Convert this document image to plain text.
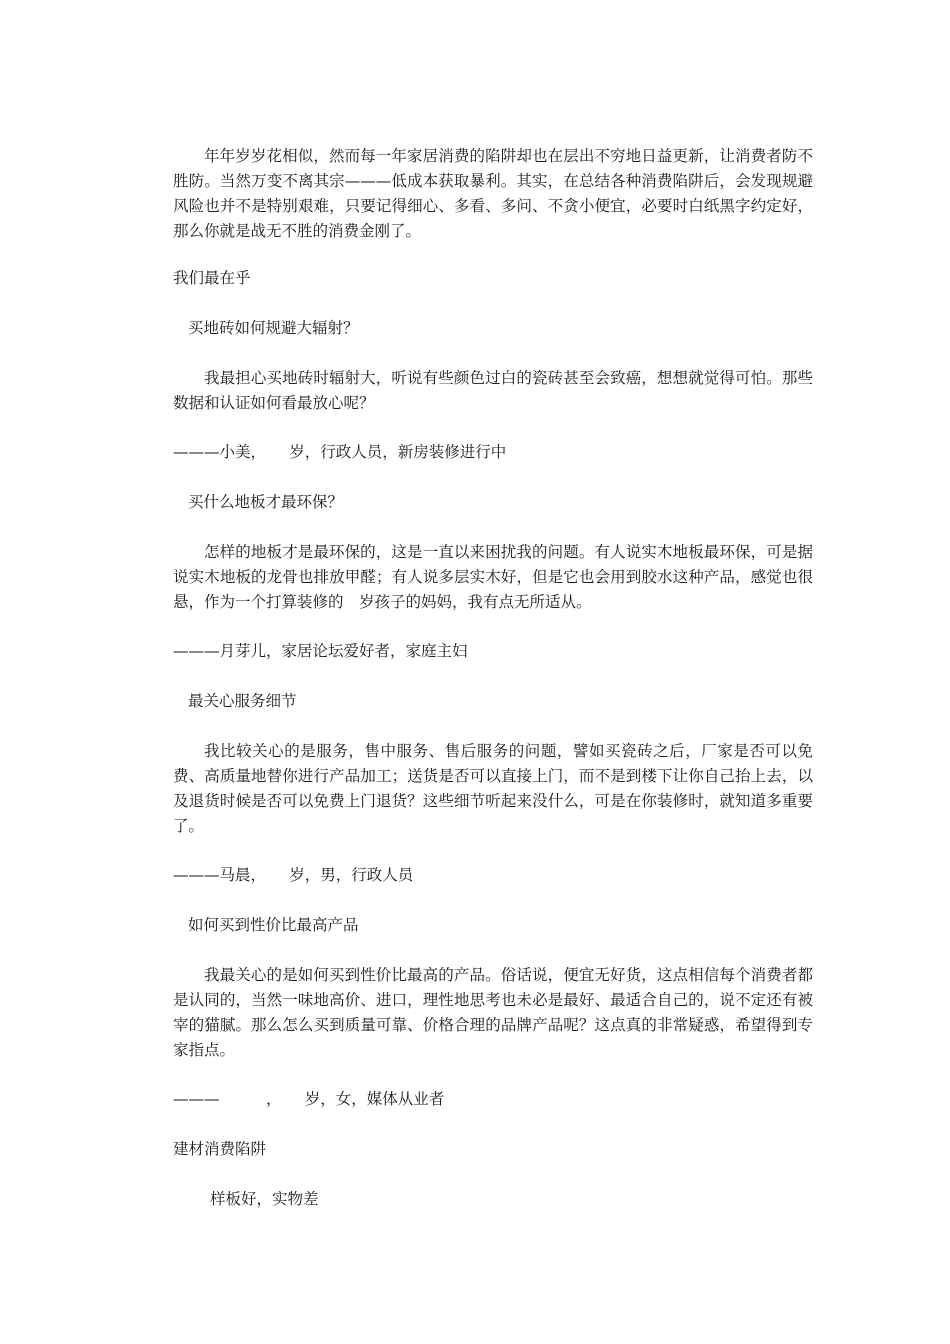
年年岁岁花相似，然而每一年家居消费的陷阱却也在层出不穷地日益更新，让消费者防不胜防。当然万变不离其宗———低成本获取暴利。其实，在总结各种消费陷阱后，会发现规避风险也并不是特别艰难，只要记得细心、多看、多问、不贪小便宜，必要时白纸黑字约定好，那么你就是战无不胜的消费金刚了。

我们最在乎

买地砖如何规避大辐射？

我最担心买地砖时辐射大，听说有些颜色过白的瓷砖甚至会致癌，想想就觉得可怕。那些数据和认证如何看最放心呢？

———小美，　　岁，行政人员，新房装修进行中

买什么地板才最环保？

怎样的地板才是最环保的，这是一直以来困扰我的问题。有人说实木地板最环保，可是据说实木地板的龙骨也排放甲醛；有人说多层实木好，但是它也会用到胶水这种产品，感觉也很悬，作为一个打算装修的　岁孩子的妈妈，我有点无所适从。

———月芽儿，家居论坛爱好者，家庭主妇

最关心服务细节

我比较关心的是服务，售中服务、售后服务的问题，譬如买瓷砖之后，厂家是否可以免费、高质量地替你进行产品加工；送货是否可以直接上门，而不是到楼下让你自己抬上去，以及退货时候是否可以免费上门退货？这些细节听起来没什么，可是在你装修时，就知道多重要了。

———马晨，　　岁，男，行政人员

如何买到性价比最高产品

我最关心的是如何买到性价比最高的产品。俗话说，便宜无好货，这点相信每个消费者都是认同的，当然一味地高价、进口，理性地思考也未必是最好、最适合自己的，说不定还有被宰的猫腻。那么怎么买到质量可靠、价格合理的品牌产品呢？这点真的非常疑惑，希望得到专家指点。

———　　　，　　岁，女，媒体从业者

建材消费陷阱

样板好，实物差
